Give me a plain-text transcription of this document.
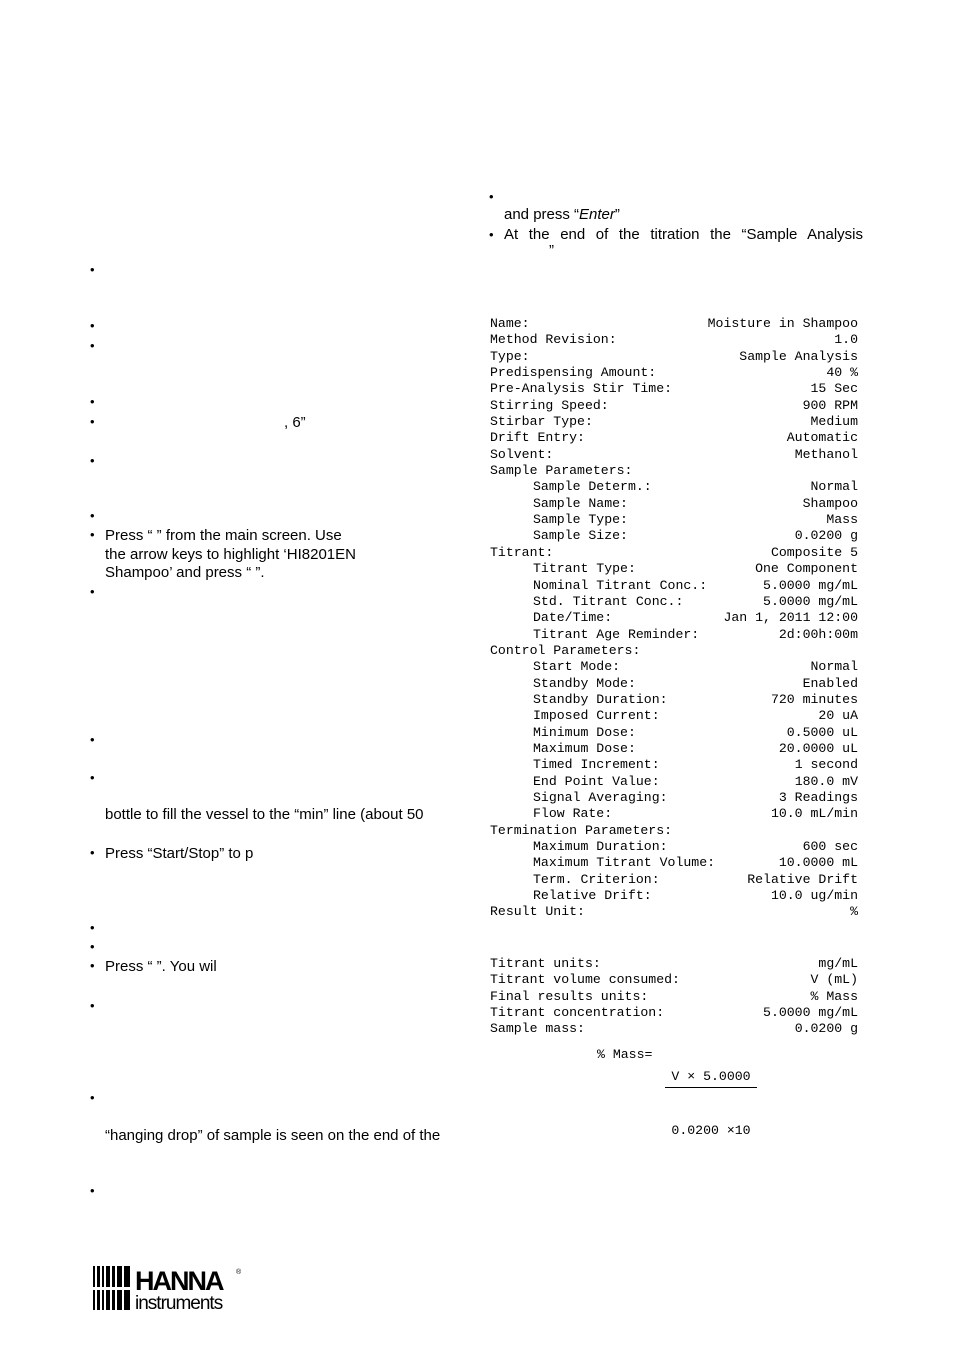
•
•
•
•
•
•
•
•
•
•
•
•
•
•
•
•
•
•
Press “ ” from the main screen. Use
the arrow keys to highlight ‘HI8201EN
Shampoo’ and press “ ”.
, 6”
bottle to fill the vessel to the “min” line (about 50
Press “Start/Stop” to p
Press “ ”. You wil
“hanging drop” of sample is seen on the end of the
•
and press “Enter”
• At the end of the titration the “Sample Analysis
”
Name:	Moisture in Shampoo
Method Revision:	1.0
Type:	Sample Analysis
Predispensing Amount:	40 %
Pre-Analysis Stir Time:	15 Sec
Stirring Speed:	900 RPM
Stirbar Type:	Medium
Drift Entry:	Automatic
Solvent:	Methanol
Sample Parameters:
Sample Determ.:	Normal
Sample Name:	Shampoo
Sample Type:	Mass
Sample Size:	0.0200 g
Titrant:	Composite 5
Titrant Type:	One Component
Nominal Titrant Conc.:	5.0000 mg/mL
Std. Titrant Conc.:	5.0000 mg/mL
Date/Time:	Jan 1, 2011 12:00
Titrant Age Reminder:	2d:00h:00m
Control Parameters:
Start Mode:	Normal
Standby Mode:	Enabled
Standby Duration:	720 minutes
Imposed Current:	20 uA
Minimum Dose:	0.5000 uL
Maximum Dose:	20.0000 uL
Timed Increment:	1 second
End Point Value:	180.0 mV
Signal Averaging:	3 Readings
Flow Rate:	10.0 mL/min
Termination Parameters:
Maximum Duration:	600 sec
Maximum Titrant Volume:	10.0000 mL
Term. Criterion:	Relative Drift
Relative Drift:	10.0 ug/min
Result Unit:	%
Titrant units:	mg/mL
Titrant volume consumed:	V (mL)
Final results units:	% Mass
Titrant concentration:	5.0000 mg/mL
Sample mass:	0.0200 g
% Mass=

$\frac{V \times 5.0000}{0.0200 \times 10}$

HANNA
instruments
®
